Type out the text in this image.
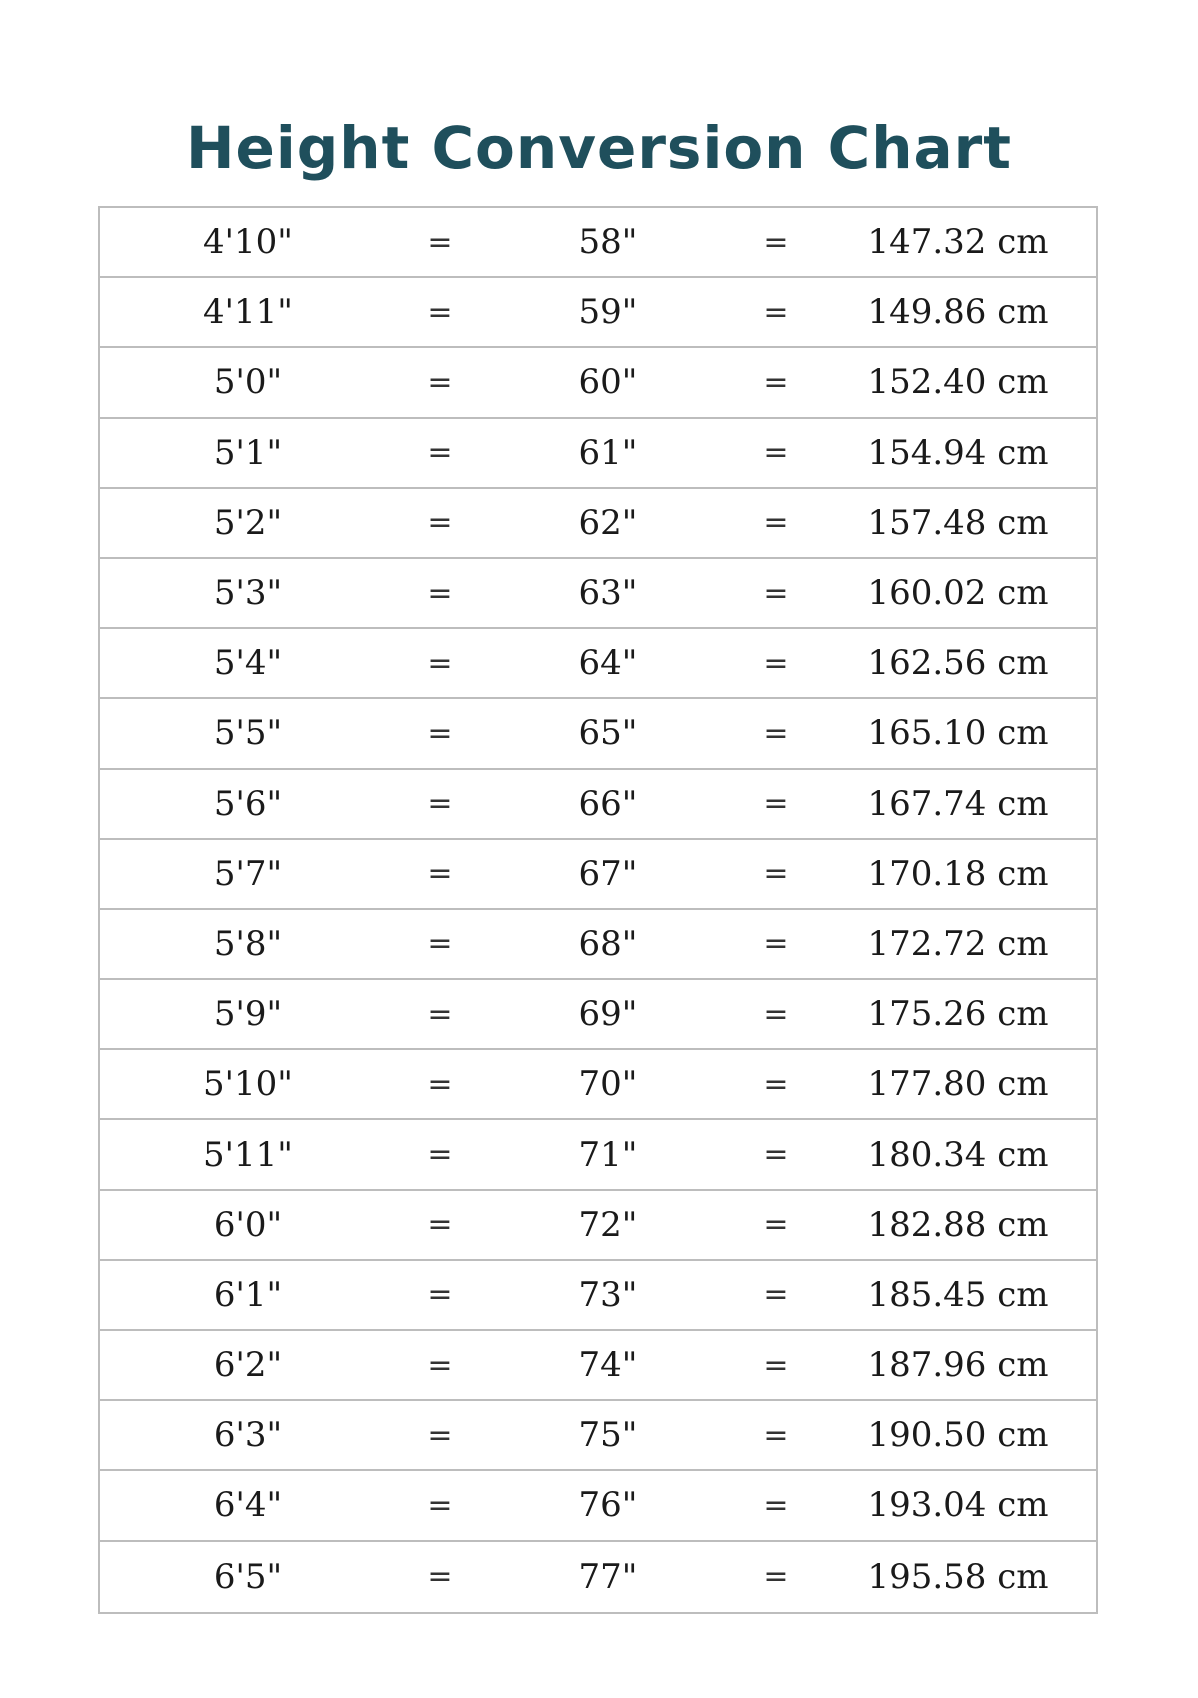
Height Conversion Chart
4'10"	=	58"	=	147.32 cm
4'11"	=	59"	=	149.86 cm
5'0"	=	60"	=	152.40 cm
5'1"	=	61"	=	154.94 cm
5'2"	=	62"	=	157.48 cm
5'3"	=	63"	=	160.02 cm
5'4"	=	64"	=	162.56 cm
5'5"	=	65"	=	165.10 cm
5'6"	=	66"	=	167.74 cm
5'7"	=	67"	=	170.18 cm
5'8"	=	68"	=	172.72 cm
5'9"	=	69"	=	175.26 cm
5'10"	=	70"	=	177.80 cm
5'11"	=	71"	=	180.34 cm
6'0"	=	72"	=	182.88 cm
6'1"	=	73"	=	185.45 cm
6'2"	=	74"	=	187.96 cm
6'3"	=	75"	=	190.50 cm
6'4"	=	76"	=	193.04 cm
6'5"	=	77"	=	195.58 cm
